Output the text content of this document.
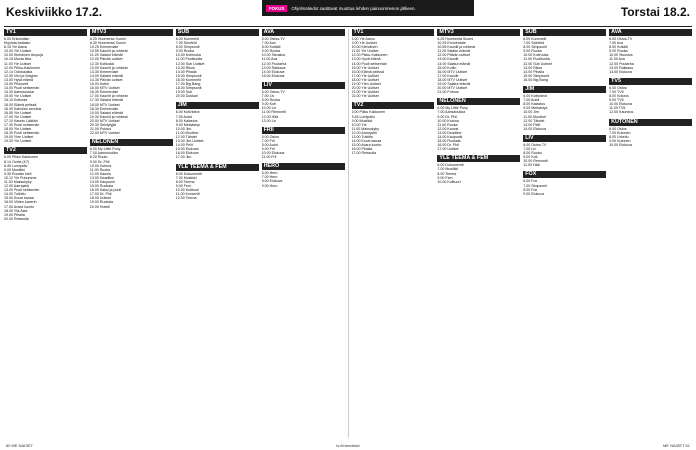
Keskiviikko 17.2.	FOKUS	Ohjelmatiedot saattavat muuttua lehden painoonmenon jälkeen.	Torstai 18.2.
TV1
6.00 Erikoistilan
Kirjoista Astiasto
6.15 Yle Aamu
10.00 Yle Uutiset
10.00 Kiehdinen Ampuja
10.15 Musta lista
11.00 Yle Uutiset
12.00 Pikku-Kakkonen
12.14 Odotusaika
12.30 Viivi ja Wagner
13.00 Hyvä elämä
13.30 Pikkuveli
14.00 Puoli seitsemän
14.30 Aamutoukka
15.00 Yle Uutiset
15.10 Kotimaa
16.00 Elämä pelissä
16.30 Kahvilan arvoitus
16.55 Yle Uutiset
17.00 Yle Uutiset
17.10 Kaunis Lääkäri
17.30 Puoli seitsemän
18.00 Yle Uutiset
18.30 Puoli seitsemän
19.00 Ylen Uutiset
19.30 Yle Uutiset
TV2
6.00 Pikku Kakkonen
8.14 Ovela (K7)
8.45 Lumipallo
9.00 Musiikki
9.30 Ruotsin kieli
10.12 Yle Puhumme
11.00 Maksukyky
12.00 Aarrejahti
13.00 Puoli seitsemän
14.00 Tutkittu
15.00 Kuusi kanaa
16.00 Viiden kaverin
17.00 Avara luonto
18.00 Ylä-Aste
19.00 Pihalla
20.00 Reissulla
MTV3
6.25 Huomenta Suomi
6.30 Huomenta Suomi
10.25 Emmerdale
10.55 Kauniit ja rohkeat
11.25 Salatut elämät
12.00 Päivän uutiset
12.30 Kotikokki
13.00 Kauniit ja rohkeat
13.30 Emmerdale
14.00 Salatut elämät
14.30 Päivän uutiset
15.00 Kotiin
16.00 MTV Uutiset
16.30 Emmerdale
17.00 Kauniit ja rohkeat
17.30 Salatut elämät
18.00 MTV Uutiset
18.30 Emmerdale
19.00 Salatut elämät
19.30 Kauniit ja rohkeat
20.00 MTV Uutiset
20.30 Selviytyjät
21.00 Putous
22.00 MTV Uutiset
NELONEN
6.00 My Little Pony
7.00 Aamutoukka
8.20 Ruutu
9.00 Dr. Phil
10.00 Kotona
11.00 Ruoka
12.00 Kaunis
13.00 Deadline
14.00 Kaupunki
15.00 Ruokala
16.00 Kaksi ja puoli
17.00 Dr. Phil
18.00 Uutiset
19.00 Ruokala
20.00 Hotelli
SUB
6.00 Kummelit
7.00 Seinfeld
8.00 Simpsonit
9.00 Ruoka
10.00 Kotiruoka
11.00 Puolituntia
12.00 Sub Uutiset
13.00 Rikos
14.00 Pihalla
15.00 Simpsonit
16.00 Kummelit
17.00 Big Bang
18.00 Simpsonit
19.00 Sub
20.00 Dokkari
JIM
6.00 Kotivideot
7.00 Autot
8.00 Kalastus
9.00 Metsästys
10.00 Jim
11.00 Moottori
12.00 Tähdet
13.00 Jim Uutiset
14.00 Pelit
15.00 Elokuva
16.00 Elokuva
17.00 Jim
YLE TEEMA & FEM
6.00 Dokumentti
7.00 Musiikki
8.00 Teema
9.00 Fem
10.00 Kulttuuri
11.00 Konsertti
12.00 Teema
AVA
6.00 Ostos-TV
7.00 Ava
8.00 Kotiäiti
9.00 Ruoka
10.00 Sisustus
11.00 Ava
12.00 Puutarha
13.00 Rakkaus
14.00 Elokuva
15.00 Elokuva
LIV
6.00 Ostos-TV
7.00 Liv
8.00 Ruoka
9.00 Koti
10.00 Liv
11.00 Remontti
12.00 Hää
13.00 Liv
FRII
6.00 Ostos
7.00 Frii
8.00 Autot
9.00 Frii
10.00 Elokuva
11.00 Frii
HERO
6.00 Hero
7.00 Hero
8.00 Elokuva
9.00 Hero
TV1
6.00 Yle Aamu
9.00 Yle Uutiset
10.00 Kiehdinen
11.00 Yle Uutiset
12.00 Pikku-Kakkonen
13.00 Hyvä elämä
14.00 Puoli seitsemän
15.00 Yle Uutiset
16.00 Elämä pelissä
17.00 Yle Uutiset
18.00 Yle Uutiset
19.00 Ylen Uutiset
20.00 Yle Uutiset
21.00 Yle Uutiset
22.00 Yle Uutiset
TV2
6.00 Pikku Kakkonen
8.45 Lumipallo
9.00 Musiikki
10.00 Yle
11.00 Maksukyky
12.00 Aarrejahti
13.00 Tutkittu
14.00 Kuusi kanaa
15.00 Avara luonto
16.00 Pihalla
17.00 Reissulla
MTV3
6.25 Huomenta Suomi
10.25 Emmerdale
10.55 Kauniit ja rohkeat
11.25 Salatut elämät
12.00 Päivän uutiset
13.00 Kauniit
14.00 Salatut elämät
15.00 Kotiin
16.00 MTV Uutiset
17.00 Kauniit
18.00 MTV Uutiset
19.00 Salatut elämät
20.00 MTV Uutiset
21.00 Putous
NELONEN
6.00 My Little Pony
7.00 Aamutoukka
9.00 Dr. Phil
10.00 Kotona
11.00 Ruoka
12.00 Kaunis
13.00 Deadline
14.00 Kaupunki
15.00 Ruokala
16.00 Dr. Phil
17.00 Uutiset
YLE TEEMA & FEM
6.00 Dokumentti
7.00 Musiikki
8.00 Teema
9.00 Fem
10.00 Kulttuuri
SUB
6.00 Kummelit
7.00 Seinfeld
8.00 Simpsonit
9.00 Ruoka
10.00 Kotiruoka
11.00 Puolituntia
12.00 Sub Uutiset
13.00 Rikos
14.00 Pihalla
15.00 Simpsonit
16.00 Big Bang
JIM
6.00 Kotivideot
7.00 Autot
8.00 Kalastus
9.00 Metsästys
10.00 Jim
11.00 Moottori
12.00 Tähdet
13.00 Pelit
14.00 Elokuva
LIV
6.00 Ostos-TV
7.00 Liv
8.00 Ruoka
9.00 Koti
10.00 Remontti
11.00 Hää
FOX
6.00 Fox
7.00 Simpsonit
8.00 Fox
9.00 Elokuva
AVA
6.00 Ostos-TV
7.00 Ava
8.00 Kotiäiti
9.00 Ruoka
10.00 Sisustus
11.00 Ava
12.00 Puutarha
13.00 Rakkaus
14.00 Elokuva
TV5
6.00 Ostos
7.00 TV5
8.00 Kotona
9.00 TV5
10.00 Elokuva
11.00 TV5
12.00 Kauneus
KUTONEN
6.00 Ostos
7.00 Kutonen
8.00 Urheilu
9.00 Kutonen
10.00 Elokuva
60 ME NAISET	is.fi/menaiset	ME NAISET 61
